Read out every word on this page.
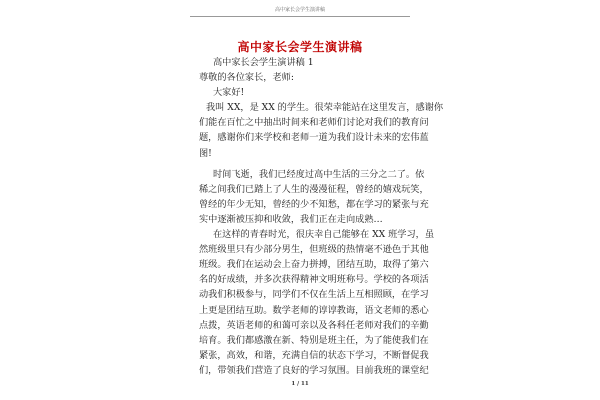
高中家长会学生演讲稿
高中家长会学生演讲稿
高中家长会学生演讲稿 1
尊敬的各位家长，老师:
大家好!
我叫 XX，是 XX 的学生。很荣幸能站在这里发言，感谢你
们能在百忙之中抽出时间来和老师们讨论对我们的教育问
题，感谢你们来学校和老师一道为我们设计未来的宏伟蓝
图!
时间飞逝，我们已经度过高中生活的三分之二了。依
稀之间我们已踏上了人生的漫漫征程，曾经的嬉戏玩笑，
曾经的年少无知，曾经的少不知愁，都在学习的紧张与充
实中逐渐被压抑和收敛，我们正在走向成熟…
在这样的青春时光，很庆幸自己能够在 XX 班学习，虽
然班级里只有少部分男生，但班级的热情毫不逊色于其他
班级。我们在运动会上奋力拼搏，团结互助，取得了第六
名的好成绩，并多次获得精神文明班称号。学校的各项活
动我们积极参与，同学们不仅在生活上互相照顾，在学习
上更是团结互助。数学老师的谆谆教诲，语文老师的悉心
点拨，英语老师的和蔼可亲以及各科任老师对我们的辛勤
培育。我们都感激在新、特别是班主任，为了能使我们在
紧张，高效，和谐，充满自信的状态下学习，不断督促我
们，带领我们营造了良好的学习氛围。目前我班的课堂纪
1 / 11
